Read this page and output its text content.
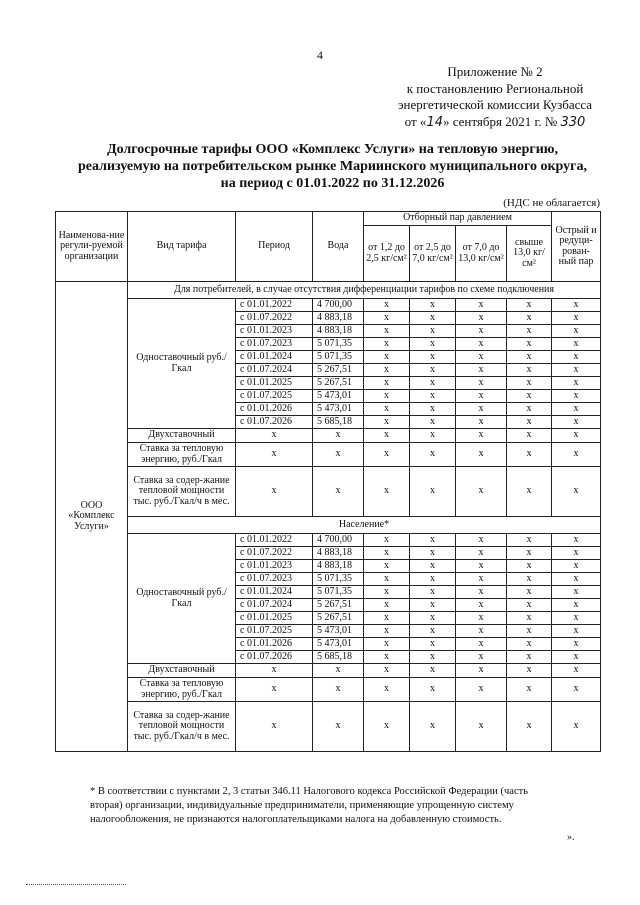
4
Приложение № 2
к постановлению Региональной
энергетической комиссии Кузбасса
от «14» сентября 2021 г. № 330
Долгосрочные тарифы ООО «Комплекс Услуги» на тепловую энергию,
реализуемую на потребительском рынке Мариинского муниципального округа,
на период с 01.01.2022 по 31.12.2026
(НДС не облагается)
Наименова-ние регули-руемой организации	Вид тарифа	Период	Вода	Отборный пар давлением				Острый и редуци-рован-ный пар
				от 1,2 до 2,5 кг/см²	от 2,5 до 7,0 кг/см²	от 7,0 до 13,0 кг/см²	свыше 13,0 кг/см²	
ООО «Комплекс Услуги»	Для потребителей, в случае отсутствия дифференциации тарифов по схеме подключения							
	Одноставочный руб./Гкал	с 01.01.2022	4 700,00	х	х	х	х	х
		с 01.07.2022	4 883,18	х	х	х	х	х
		с 01.01.2023	4 883,18	х	х	х	х	х
		с 01.07.2023	5 071,35	х	х	х	х	х
		с 01.01.2024	5 071,35	х	х	х	х	х
		с 01.07.2024	5 267,51	х	х	х	х	х
		с 01.01.2025	5 267,51	х	х	х	х	х
		с 01.07.2025	5 473,01	х	х	х	х	х
		с 01.01.2026	5 473,01	х	х	х	х	х
		с 01.07.2026	5 685,18	х	х	х	х	х
	Двухставочный	х	х	х	х	х	х	х
	Ставка за тепловую энергию, руб./Гкал	х	х	х	х	х	х	х
	Ставка за содер-жание тепловой мощности тыс. руб./Гкал/ч в мес.	х	х	х	х	х	х	х
	Население*							
	Одноставочный руб./Гкал	с 01.01.2022	4 700,00	х	х	х	х	х
		с 01.07.2022	4 883,18	х	х	х	х	х
		с 01.01.2023	4 883,18	х	х	х	х	х
		с 01.07.2023	5 071,35	х	х	х	х	х
		с 01.01.2024	5 071,35	х	х	х	х	х
		с 01.07.2024	5 267,51	х	х	х	х	х
		с 01.01.2025	5 267,51	х	х	х	х	х
		с 01.07.2025	5 473,01	х	х	х	х	х
		с 01.01.2026	5 473,01	х	х	х	х	х
		с 01.07.2026	5 685,18	х	х	х	х	х
	Двухставочный	х	х	х	х	х	х	х
	Ставка за тепловую энергию, руб./Гкал	х	х	х	х	х	х	х
	Ставка за содер-жание тепловой мощности тыс. руб./Гкал/ч в мес.	х	х	х	х	х	х	х
* В соответствии с пунктами 2, 3 статьи 346.11 Налогового кодекса Российской Федерации (часть
вторая) организации, индивидуальные предприниматели, применяющие упрощенную систему
налогообложения, не признаются налогоплательщиками налога на добавленную стоимость.
».
